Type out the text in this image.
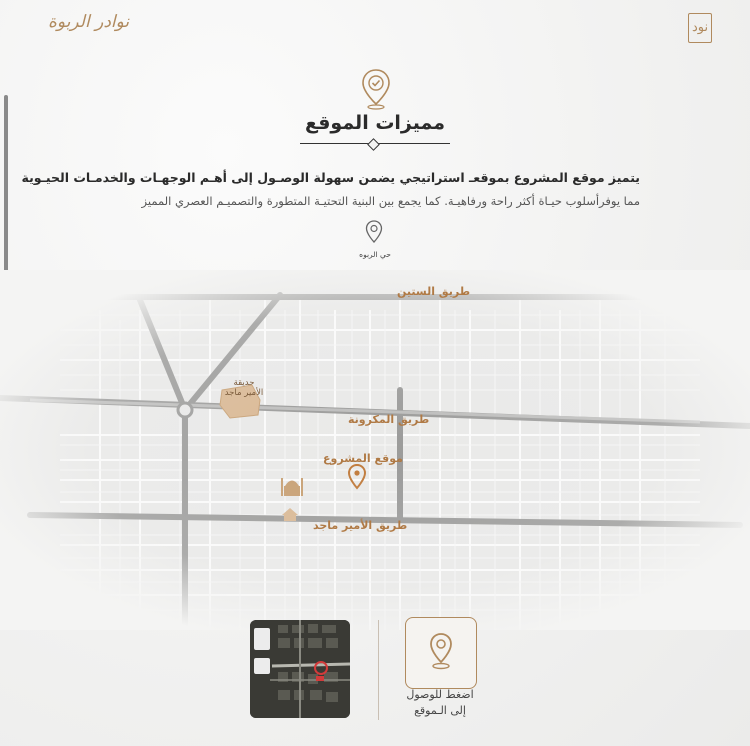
نوادر الربوة	نود
مميزات الموقع
يتميز موقع المشروع بموقعـ استراتيجي يضمن سهولة الوصـول إلى أهـم الوجهـات والخدمـات الحيـوية
مما يوفرأسلوب حيـاة أكثر راحة ورفاهيـة. كما يجمع بين البنية التحتيـة المتطورة والتصميـم العصري المميز
حي الربوه
طريق الستين
طريق المكرونة
طريق الأمير ماجد
حديقة الأمير ماجد
موقع المشروع
اضغط للوصول
إلى الـموقع
